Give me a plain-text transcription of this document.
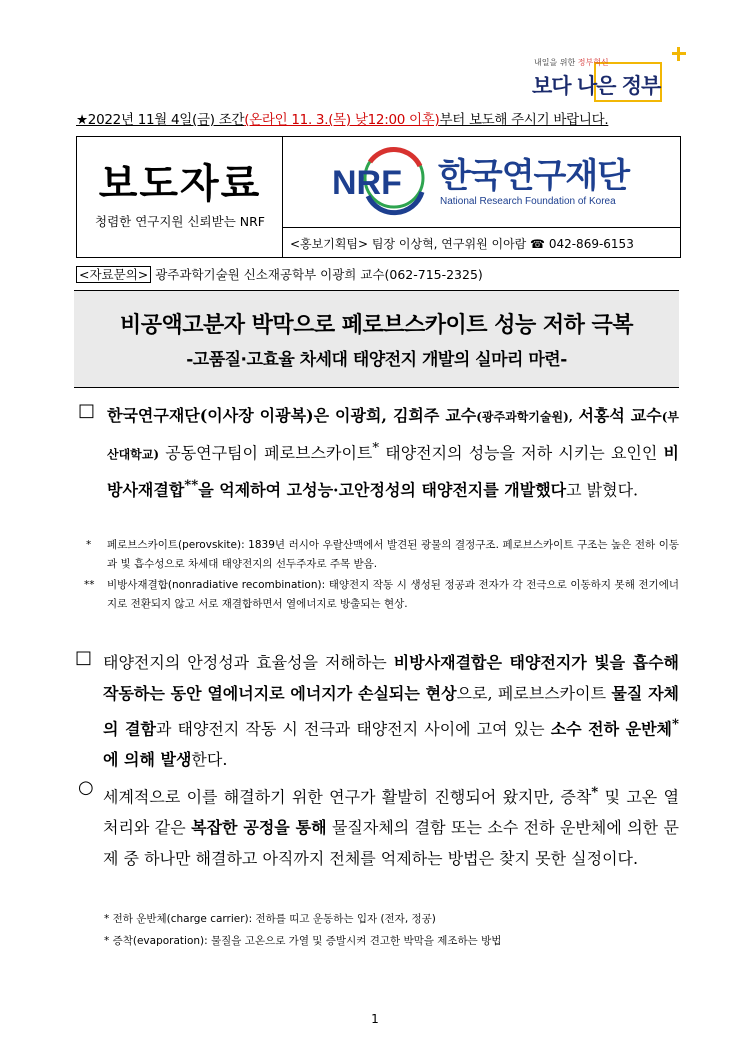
내일을 위한 정부혁신
보다 나은 정부
★2022년 11월 4일(금) 조간(온라인 11. 3.(목) 낮12:00 이후)부터 보도해 주시기 바랍니다.
보도자료
청렴한 연구지원 신뢰받는 NRF
NRF 한국연구재단
National Research Foundation of Korea
<홍보기획팀> 팀장 이상혁, 연구위원 이아람 ☎ 042-869-6153
<자료문의> 광주과학기술원 신소재공학부 이광희 교수(062-715-2325)
비공액고분자 박막으로 페로브스카이트 성능 저하 극복
-고품질·고효율 차세대 태양전지 개발의 실마리 마련-
□ 한국연구재단(이사장 이광복)은 이광희, 김희주 교수(광주과학기술원), 서홍석 교수(부산대학교) 공동연구팀이 페로브스카이트* 태양전지의 성능을 저하 시키는 요인인 비방사재결합**을 억제하여 고성능·고안정성의 태양전지를 개발했다고 밝혔다.
* 페로브스카이트(perovskite): 1839년 러시아 우랄산맥에서 발견된 광물의 결정구조. 페로브스카이트 구조는 높은 전하 이동과 빛 흡수성으로 차세대 태양전지의 선두주자로 주목 받음.
** 비방사재결합(nonradiative recombination): 태양전지 작동 시 생성된 정공과 전자가 각 전극으로 이동하지 못해 전기에너지로 전환되지 않고 서로 재결합하면서 열에너지로 방출되는 현상.
□ 태양전지의 안정성과 효율성을 저해하는 비방사재결합은 태양전지가 빛을 흡수해 작동하는 동안 열에너지로 에너지가 손실되는 현상으로, 페로브스카이트 물질 자체의 결함과 태양전지 작동 시 전극과 태양전지 사이에 고여 있는 소수 전하 운반체*에 의해 발생한다.
○ 세계적으로 이를 해결하기 위한 연구가 활발히 진행되어 왔지만, 증착* 및 고온 열처리와 같은 복잡한 공정을 통해 물질자체의 결함 또는 소수 전하 운반체에 의한 문제 중 하나만 해결하고 아직까지 전체를 억제하는 방법은 찾지 못한 실정이다.
* 전하 운반체(charge carrier): 전하를 띠고 운동하는 입자 (전자, 정공)
* 증착(evaporation): 물질을 고온으로 가열 및 증발시켜 견고한 박막을 제조하는 방법
1
